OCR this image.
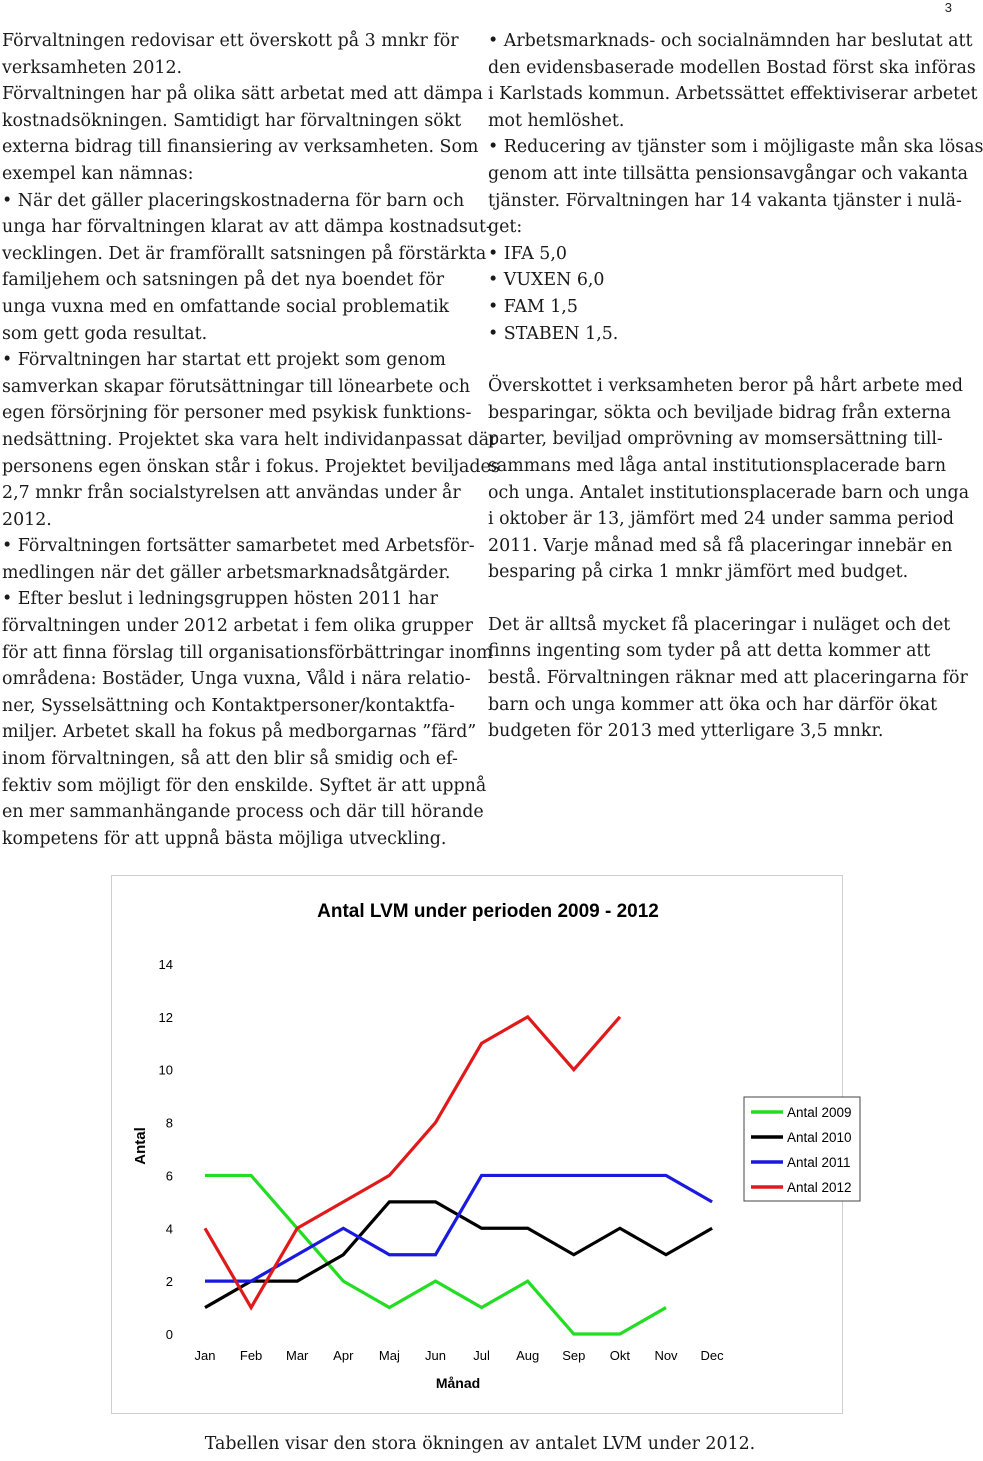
3

Förvaltningen redovisar ett överskott på 3 mnkr för
verksamheten 2012.
Förvaltningen har på olika sätt arbetat med att dämpa
kostnadsökningen. Samtidigt har förvaltningen sökt
externa bidrag till finansiering av verksamheten. Som
exempel kan nämnas:
• När det gäller placeringskostnaderna för barn och
unga har förvaltningen klarat av att dämpa kostnadsut-
vecklingen. Det är framförallt satsningen på förstärkta
familjehem och satsningen på det nya boendet för
unga vuxna med en omfattande social problematik
som gett goda resultat.
• Förvaltningen har startat ett projekt som genom
samverkan skapar förutsättningar till lönearbete och
egen försörjning för personer med psykisk funktions-
nedsättning. Projektet ska vara helt individanpassat där
personens egen önskan står i fokus. Projektet beviljades
2,7 mnkr från socialstyrelsen att användas under år
2012.
• Förvaltningen fortsätter samarbetet med Arbetsför-
medlingen när det gäller arbetsmarknadsåtgärder.
• Efter beslut i ledningsgruppen hösten 2011 har
förvaltningen under 2012 arbetat i fem olika grupper
för att finna förslag till organisationsförbättringar inom
områdena: Bostäder, Unga vuxna, Våld i nära relatio-
ner, Sysselsättning och Kontaktpersoner/kontaktfa-
miljer. Arbetet skall ha fokus på medborgarnas ”färd”
inom förvaltningen, så att den blir så smidig och ef-
fektiv som möjligt för den enskilde. Syftet är att uppnå
en mer sammanhängande process och där till hörande
kompetens för att uppnå bästa möjliga utveckling.

• Arbetsmarknads- och socialnämnden har beslutat att
den evidensbaserade modellen Bostad först ska införas
i Karlstads kommun. Arbetssättet effektiviserar arbetet
mot hemlöshet.
• Reducering av tjänster som i möjligaste mån ska lösas
genom att inte tillsätta pensionsavgångar och vakanta
tjänster. Förvaltningen har 14 vakanta tjänster i nulä-
get:
• IFA 5,0
• VUXEN 6,0
• FAM 1,5
• STABEN 1,5.

Överskottet i verksamheten beror på hårt arbete med
besparingar, sökta och beviljade bidrag från externa
parter, beviljad omprövning av momsersättning till-
sammans med låga antal institutionsplacerade barn
och unga. Antalet institutionsplacerade barn och unga
i oktober är 13, jämfört med 24 under samma period
2011. Varje månad med så få placeringar innebär en
besparing på cirka 1 mnkr jämfört med budget.

Det är alltså mycket få placeringar i nuläget och det
finns ingenting som tyder på att detta kommer att
bestå. Förvaltningen räknar med att placeringarna för
barn och unga kommer att öka och har därför ökat
budgeten för 2013 med ytterligare 3,5 mnkr.

Antal LVM under perioden 2009 - 2012
Antal
Månad
0
2
4
6
8
10
12
14
Jan Feb Mar Apr Maj Jun Jul Aug Sep Okt Nov Dec
Antal 2009
Antal 2010
Antal 2011
Antal 2012
Tabellen visar den stora ökningen av antalet LVM under 2012.
